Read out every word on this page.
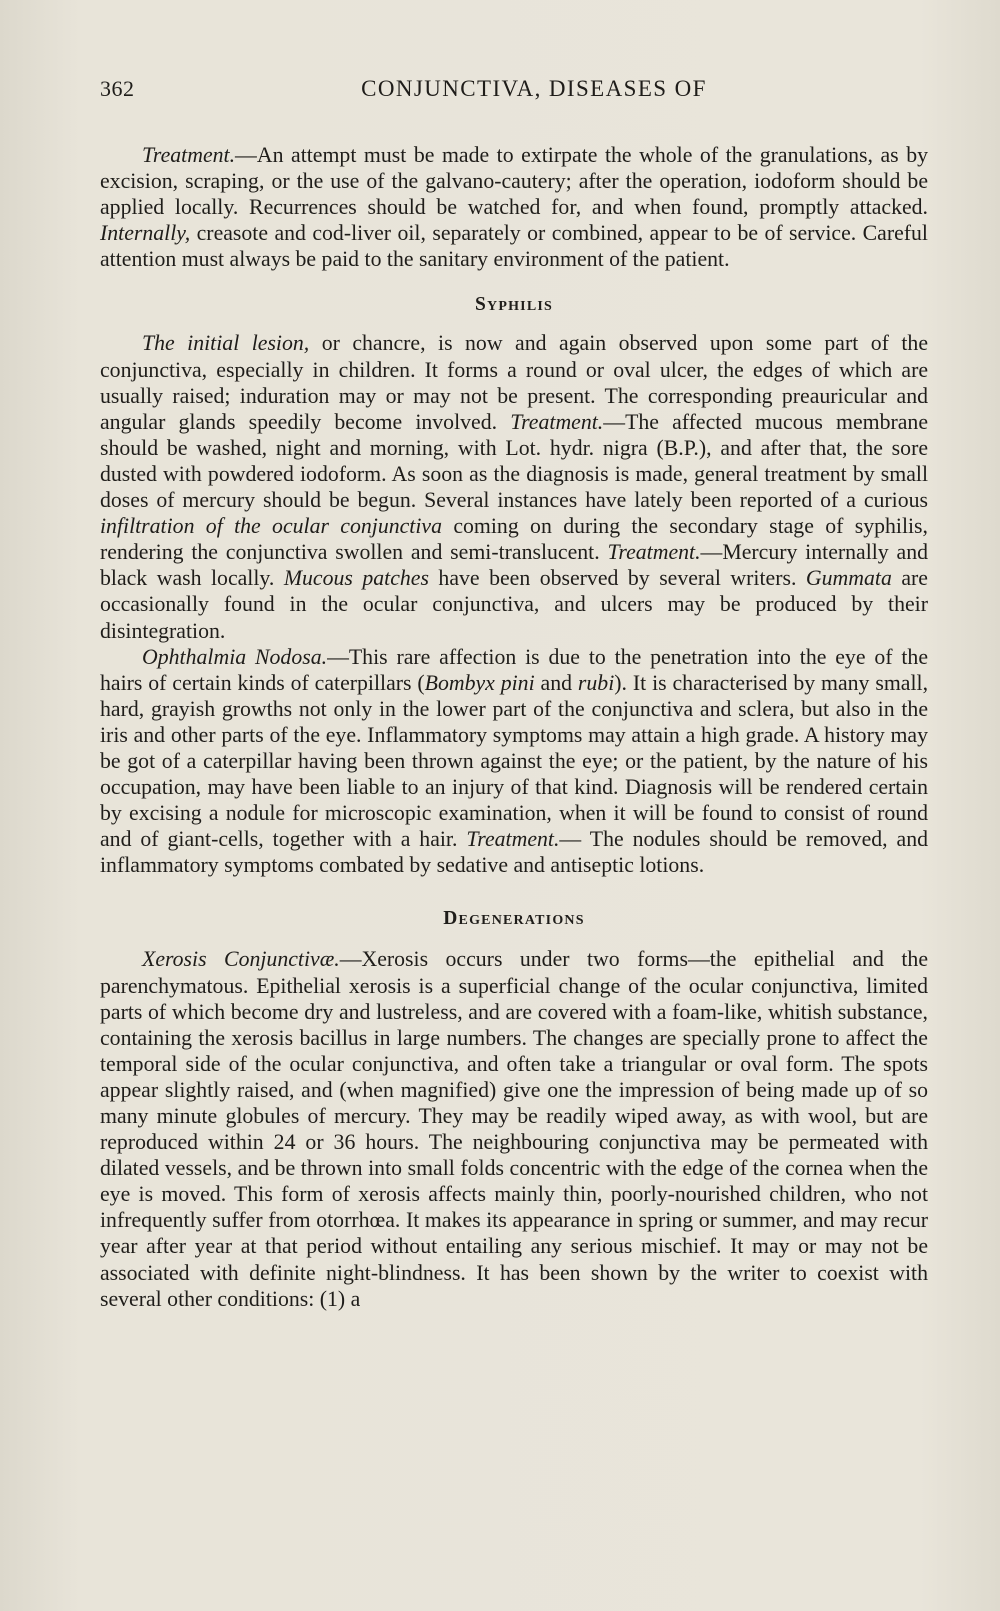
362	CONJUNCTIVA, DISEASES OF

Treatment.—An attempt must be made to extirpate the whole of the granulations, as by excision, scraping, or the use of the galvano-cautery; after the operation, iodoform should be applied locally. Recurrences should be watched for, and when found, promptly attacked. Internally, creasote and cod-liver oil, separately or combined, appear to be of service. Careful attention must always be paid to the sanitary environment of the patient.

Syphilis

The initial lesion, or chancre, is now and again observed upon some part of the conjunctiva, especially in children. It forms a round or oval ulcer, the edges of which are usually raised; induration may or may not be present. The corresponding preauricular and angular glands speedily become involved. Treatment.—The affected mucous membrane should be washed, night and morning, with Lot. hydr. nigra (B.P.), and after that, the sore dusted with powdered iodoform. As soon as the diagnosis is made, general treatment by small doses of mercury should be begun. Several instances have lately been reported of a curious infiltration of the ocular conjunctiva coming on during the secondary stage of syphilis, rendering the conjunctiva swollen and semi-translucent. Treatment.—Mercury internally and black wash locally. Mucous patches have been observed by several writers. Gummata are occasionally found in the ocular conjunctiva, and ulcers may be produced by their disintegration.

Ophthalmia Nodosa.—This rare affection is due to the penetration into the eye of the hairs of certain kinds of caterpillars (Bombyx pini and rubi). It is characterised by many small, hard, grayish growths not only in the lower part of the conjunctiva and sclera, but also in the iris and other parts of the eye. Inflammatory symptoms may attain a high grade. A history may be got of a caterpillar having been thrown against the eye; or the patient, by the nature of his occupation, may have been liable to an injury of that kind. Diagnosis will be rendered certain by excising a nodule for microscopic examination, when it will be found to consist of round and of giant-cells, together with a hair. Treatment.— The nodules should be removed, and inflammatory symptoms combated by sedative and antiseptic lotions.

Degenerations

Xerosis Conjunctivæ.—Xerosis occurs under two forms—the epithelial and the parenchymatous. Epithelial xerosis is a superficial change of the ocular conjunctiva, limited parts of which become dry and lustreless, and are covered with a foam-like, whitish substance, containing the xerosis bacillus in large numbers. The changes are specially prone to affect the temporal side of the ocular conjunctiva, and often take a triangular or oval form. The spots appear slightly raised, and (when magnified) give one the impression of being made up of so many minute globules of mercury. They may be readily wiped away, as with wool, but are reproduced within 24 or 36 hours. The neighbouring conjunctiva may be permeated with dilated vessels, and be thrown into small folds concentric with the edge of the cornea when the eye is moved. This form of xerosis affects mainly thin, poorly-nourished children, who not infrequently suffer from otorrhœa. It makes its appearance in spring or summer, and may recur year after year at that period without entailing any serious mischief. It may or may not be associated with definite night-blindness. It has been shown by the writer to coexist with several other conditions: (1) a
